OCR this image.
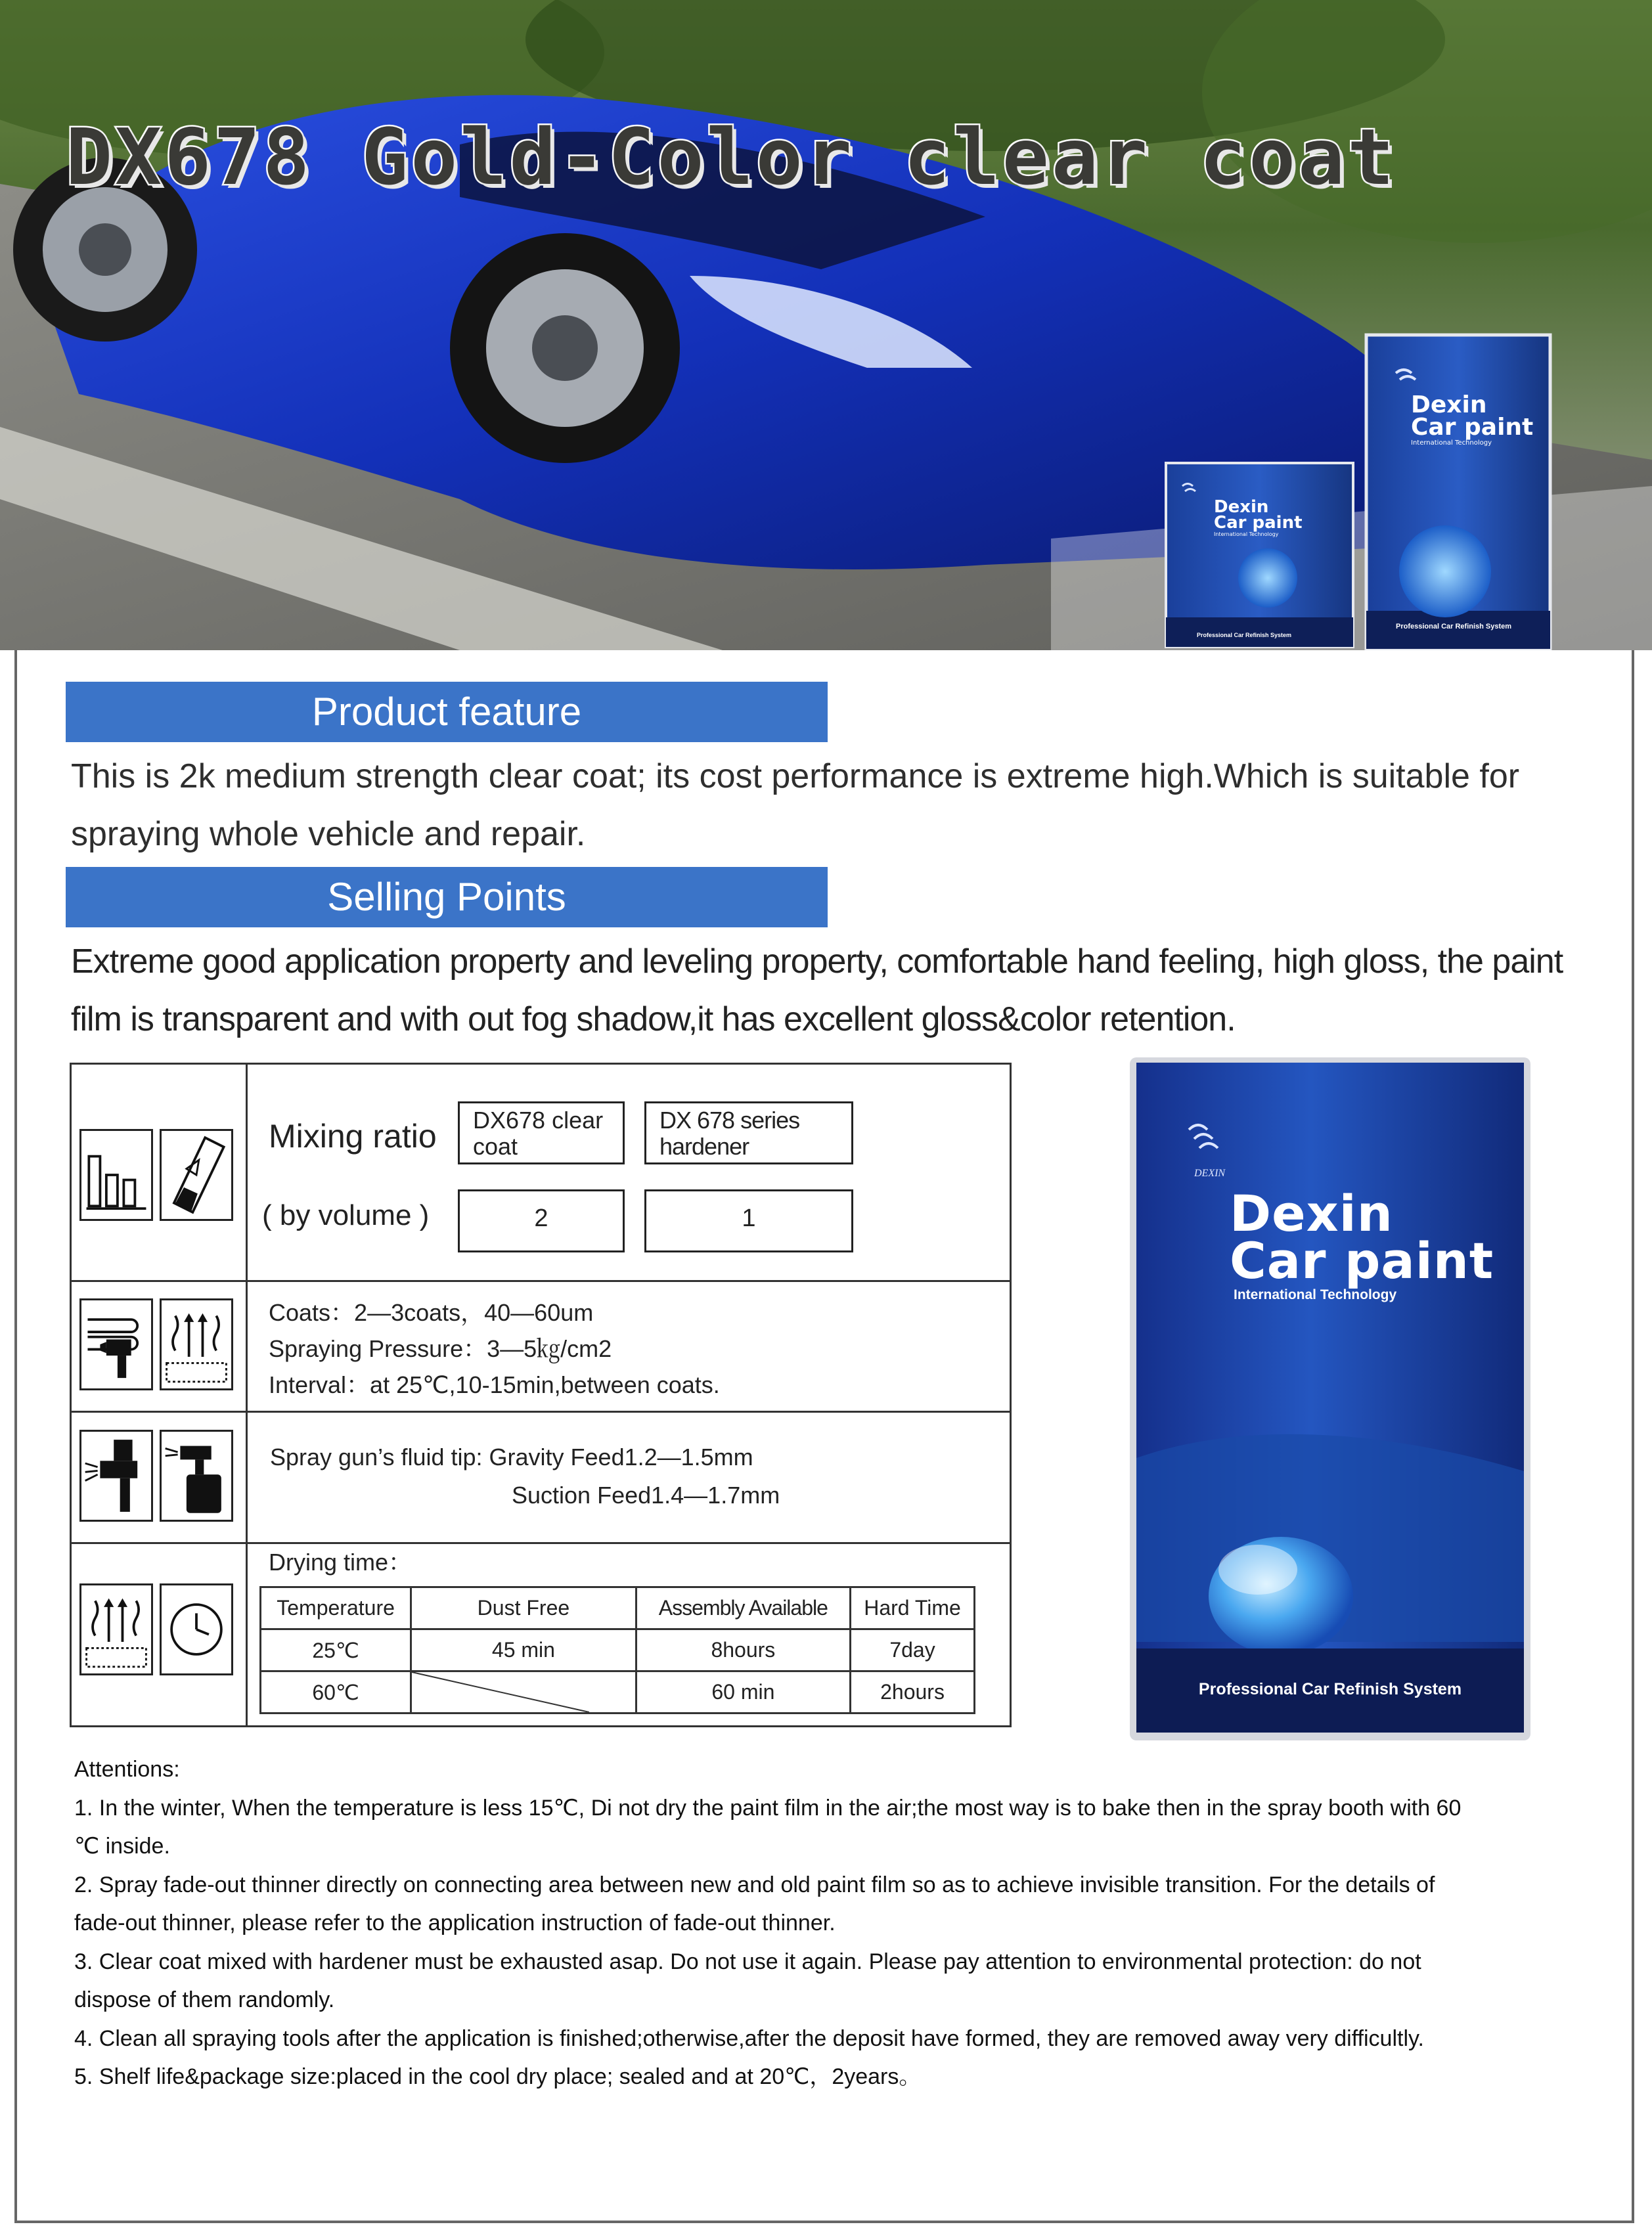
Dexin
Car paint
International Technology
Dexin
Car paint
International Technology
Professional Car Refinish System
Professional Car Refinish System
DX678 Gold-Color clear coat
Product feature
This is 2k medium strength clear coat; its cost performance is extreme high.Which is suitable for
spraying whole vehicle and repair.
Selling Points
Extreme good application property and leveling property, comfortable hand feeling, high gloss, the paint
film is transparent and with out fog shadow,it has excellent gloss&color retention.
Mixing ratio
( by volume )
DX678 clear coat
DX 678 series hardener
2	1
Coats：2—3coats，40—60um
Spraying Pressure：3—5㎏/cm2
Interval：at 25℃,10-15min,between coats.
Spray gun’s fluid tip: Gravity Feed1.2—1.5mm
Suction Feed1.4—1.7mm
Drying time：
Temperature	Dust Free	Assembly Available	Hard Time
25℃	45 min	8hours	7day
60℃		60 min	2hours
DEXIN
Dexin
Car paint
International Technology
Professional Car Refinish System
Attentions:
1. In the winter, When the temperature is less 15℃, Di not dry the paint film in the air;the most way is to bake then in the spray booth with 60
℃ inside.
2. Spray fade-out thinner directly on connecting area between new and old paint film so as to achieve invisible transition. For the details of
fade-out thinner, please refer to the application instruction of fade-out thinner.
3. Clear coat mixed with hardener must be exhausted asap. Do not use it again. Please pay attention to environmental protection: do not
dispose of them randomly.
4. Clean all spraying tools after the application is finished;otherwise,after the deposit have formed, they are removed away very difficultly.
5. Shelf life&package size:placed in the cool dry place; sealed and at 20℃，2years。
